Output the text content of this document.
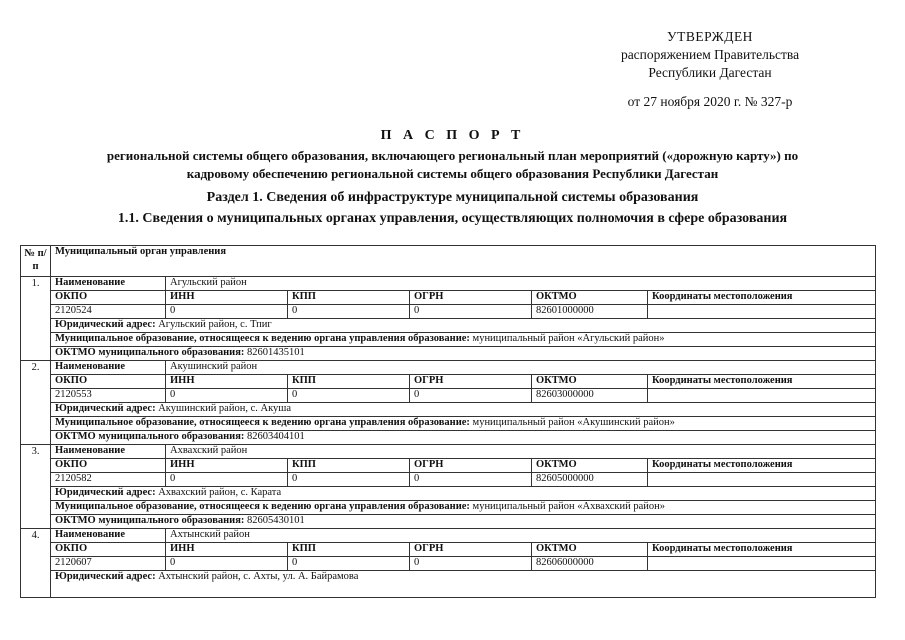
УТВЕРЖДЕН
распоряжением Правительства
Республики Дагестан
от 27 ноября 2020 г. № 327-р
П А С П О Р Т
региональной системы общего образования, включающего региональный план мероприятий («дорожную карту») по
кадровому обеспечению региональной системы общего образования Республики Дагестан
Раздел 1. Сведения об инфраструктуре муниципальной системы образования
1.1. Сведения о муниципальных органах управления, осуществляющих полномочия в сфере образования
№ п/п	Муниципальный орган управления					
1.	Наименование	Агульский район				
	ОКПО	ИНН	КПП	ОГРН	ОКТМО	Координаты местоположения
	2120524	0	0	0	82601000000	
	Юридический адрес: Агульский район, с. Тпиг					
	Муниципальное образование, относящееся к ведению органа управления образование: муниципальный район «Агульский район»					
	ОКТМО муниципального образования: 82601435101					
2.	Наименование	Акушинский район				
	ОКПО	ИНН	КПП	ОГРН	ОКТМО	Координаты местоположения
	2120553	0	0	0	82603000000	
	Юридический адрес: Акушинский район, с. Акуша					
	Муниципальное образование, относящееся к ведению органа управления образование: муниципальный район «Акушинский район»					
	ОКТМО муниципального образования: 82603404101					
3.	Наименование	Ахвахский район				
	ОКПО	ИНН	КПП	ОГРН	ОКТМО	Координаты местоположения
	2120582	0	0	0	82605000000	
	Юридический адрес: Ахвахский район, с. Карата					
	Муниципальное образование, относящееся к ведению органа управления образование: муниципальный район «Ахвахский район»					
	ОКТМО муниципального образования: 82605430101					
4.	Наименование	Ахтынский район				
	ОКПО	ИНН	КПП	ОГРН	ОКТМО	Координаты местоположения
	2120607	0	0	0	82606000000	
	Юридический адрес: Ахтынский район, с. Ахты, ул. А. Байрамова					
